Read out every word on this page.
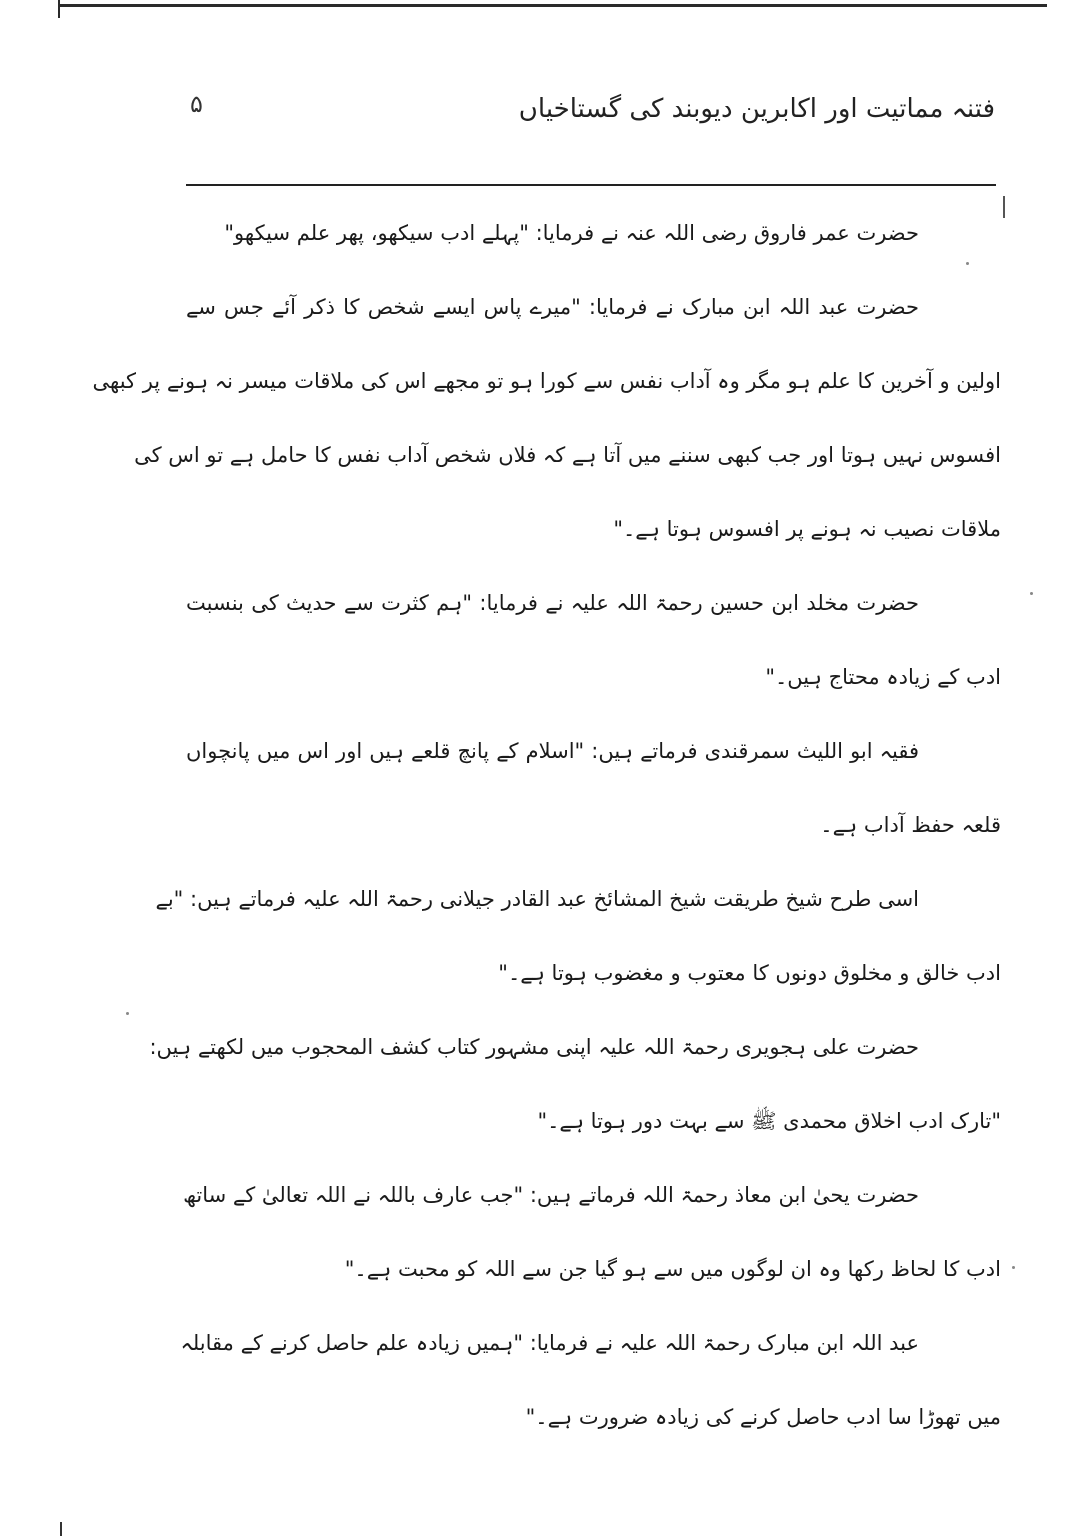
۵	فتنہ مماتیت اور اکابرین دیوبند کی گستاخیاں
حضرت عمر فاروق رضی اللہ عنہ نے فرمایا: "پہلے ادب سیکھو، پھر علم سیکھو"
حضرت عبد اللہ ابن مبارک نے فرمایا: "میرے پاس ایسے شخص کا ذکر آئے جس سے
اولین و آخرین کا علم ہو مگر وہ آداب نفس سے کورا ہو تو مجھے اس کی ملاقات میسر نہ ہونے پر کبھی
افسوس نہیں ہوتا اور جب کبھی سننے میں آتا ہے کہ فلاں شخص آداب نفس کا حامل ہے تو اس کی
ملاقات نصیب نہ ہونے پر افسوس ہوتا ہے۔"
حضرت مخلد ابن حسین رحمۃ اللہ علیہ نے فرمایا: "ہم کثرت سے حدیث کی بنسبت
ادب کے زیادہ محتاج ہیں۔"
فقیہ ابو اللیث سمرقندی فرماتے ہیں: "اسلام کے پانچ قلعے ہیں اور اس میں پانچواں
قلعہ حفظ آداب ہے۔
اسی طرح شیخ طریقت شیخ المشائخ عبد القادر جیلانی رحمۃ اللہ علیہ فرماتے ہیں: "بے
ادب خالق و مخلوق دونوں کا معتوب و مغضوب ہوتا ہے۔"
حضرت علی ہجویری رحمۃ اللہ علیہ اپنی مشہور کتاب کشف المحجوب میں لکھتے ہیں:
"تارک ادب اخلاق محمدی ﷺ سے بہت دور ہوتا ہے۔"
حضرت یحیٰ ابن معاذ رحمۃ اللہ فرماتے ہیں: "جب عارف باللہ نے اللہ تعالیٰ کے ساتھ
ادب کا لحاظ رکھا وہ ان لوگوں میں سے ہو گیا جن سے اللہ کو محبت ہے۔"
عبد اللہ ابن مبارک رحمۃ اللہ علیہ نے فرمایا: "ہمیں زیادہ علم حاصل کرنے کے مقابلہ
میں تھوڑا سا ادب حاصل کرنے کی زیادہ ضرورت ہے۔"
